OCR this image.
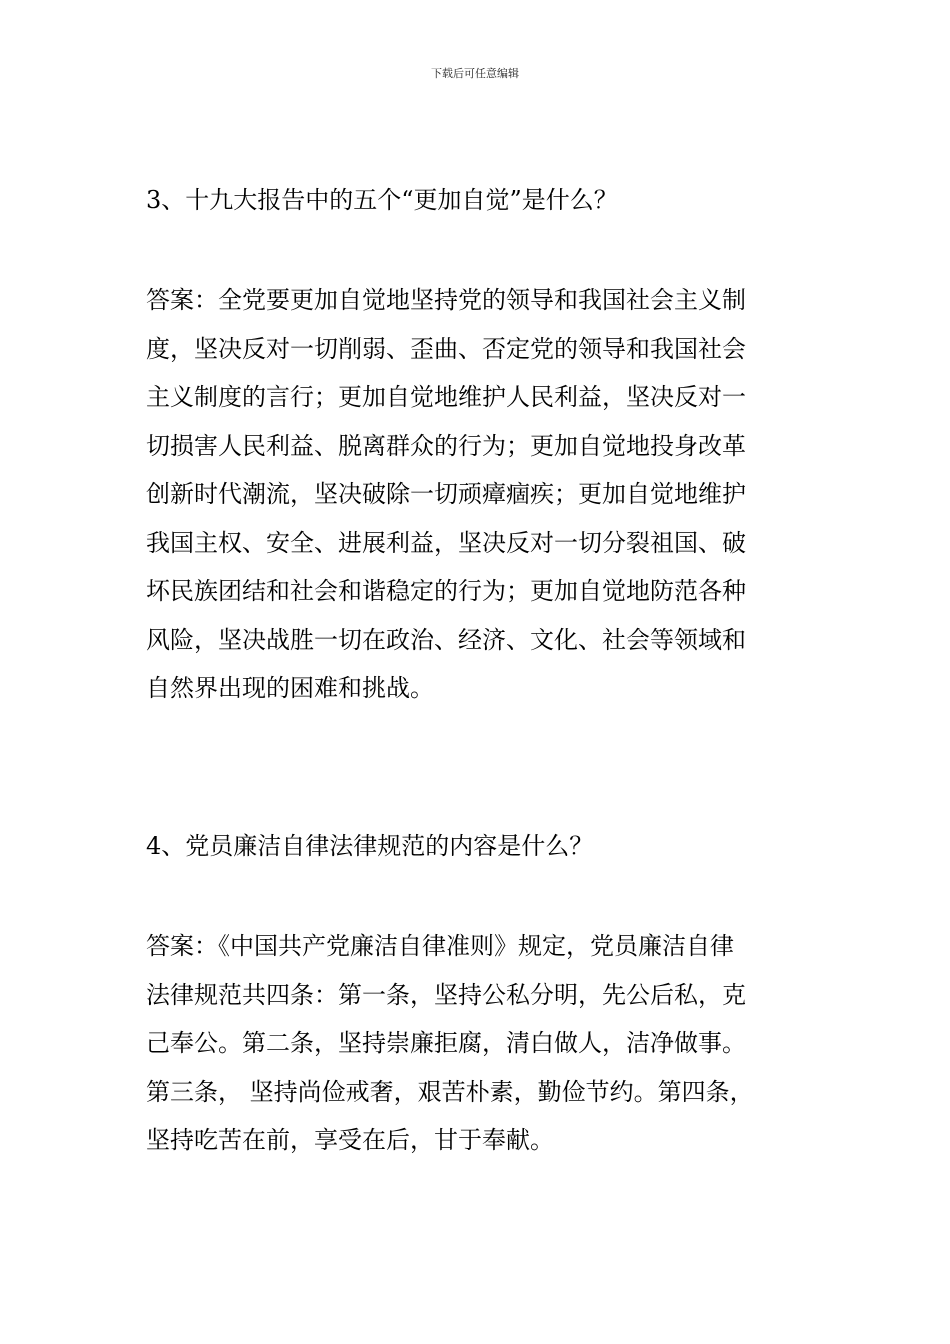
下载后可任意编辑
3、十九大报告中的五个“更加自觉”是什么？
答案：全党要更加自觉地坚持党的领导和我国社会主义制
度，坚决反对一切削弱、歪曲、否定党的领导和我国社会
主义制度的言行；更加自觉地维护人民利益，坚决反对一
切损害人民利益、脱离群众的行为；更加自觉地投身改革
创新时代潮流，坚决破除一切顽瘴痼疾；更加自觉地维护
我国主权、安全、进展利益，坚决反对一切分裂祖国、破
坏民族团结和社会和谐稳定的行为；更加自觉地防范各种
风险，坚决战胜一切在政治、经济、文化、社会等领域和
自然界出现的困难和挑战。
4、党员廉洁自律法律规范的内容是什么？
答案：《中国共产党廉洁自律准则》规定，党员廉洁自律
法律规范共四条：第一条，坚持公私分明，先公后私，克
己奉公。第二条，坚持崇廉拒腐，清白做人，洁净做事。
第三条， 坚持尚俭戒奢，艰苦朴素，勤俭节约。第四条，
坚持吃苦在前，享受在后，甘于奉献。
